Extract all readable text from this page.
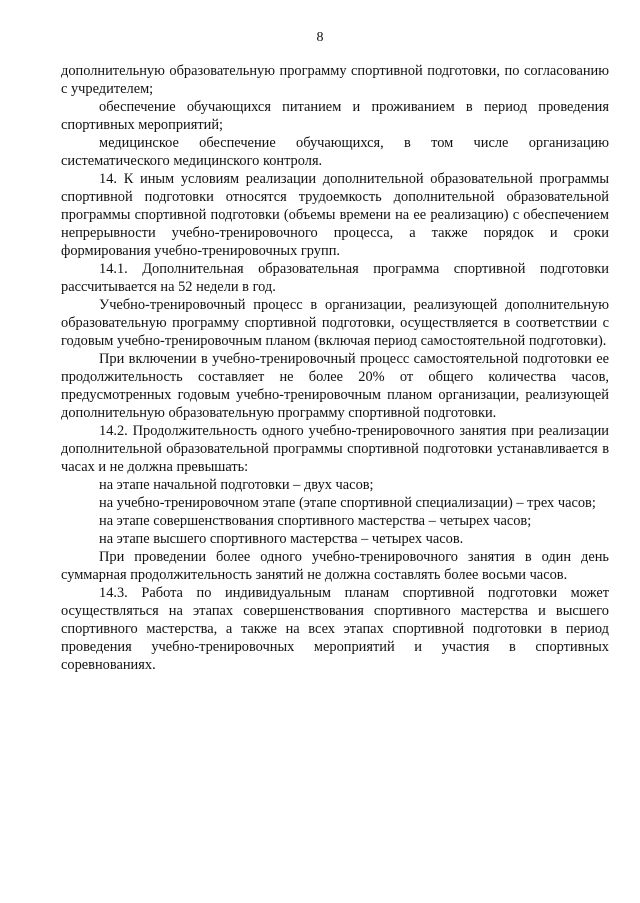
8

дополнительную образовательную программу спортивной подготовки, по согласованию с учредителем;

обеспечение обучающихся питанием и проживанием в период проведения спортивных мероприятий;

медицинское обеспечение обучающихся, в том числе организацию систематического медицинского контроля.

14. К иным условиям реализации дополнительной образовательной программы спортивной подготовки относятся трудоемкость дополнительной образовательной программы спортивной подготовки (объемы времени на ее реализацию) с обеспечением непрерывности учебно-тренировочного процесса, а также порядок и сроки формирования учебно-тренировочных групп.

14.1. Дополнительная образовательная программа спортивной подготовки рассчитывается на 52 недели в год.

Учебно-тренировочный процесс в организации, реализующей дополнительную образовательную программу спортивной подготовки, осуществляется в соответствии с годовым учебно-тренировочным планом (включая период самостоятельной подготовки).

При включении в учебно-тренировочный процесс самостоятельной подготовки ее продолжительность составляет не более 20% от общего количества часов, предусмотренных годовым учебно-тренировочным планом организации, реализующей дополнительную образовательную программу спортивной подготовки.

14.2. Продолжительность одного учебно-тренировочного занятия при реализации дополнительной образовательной программы спортивной подготовки устанавливается в часах и не должна превышать:

на этапе начальной подготовки – двух часов;

на учебно-тренировочном этапе (этапе спортивной специализации) – трех часов;

на этапе совершенствования спортивного мастерства – четырех часов;

на этапе высшего спортивного мастерства – четырех часов.

При проведении более одного учебно-тренировочного занятия в один день суммарная продолжительность занятий не должна составлять более восьми часов.

14.3. Работа по индивидуальным планам спортивной подготовки может осуществляться на этапах совершенствования спортивного мастерства и высшего спортивного мастерства, а также на всех этапах спортивной подготовки в период проведения учебно-тренировочных мероприятий и участия в спортивных соревнованиях.
